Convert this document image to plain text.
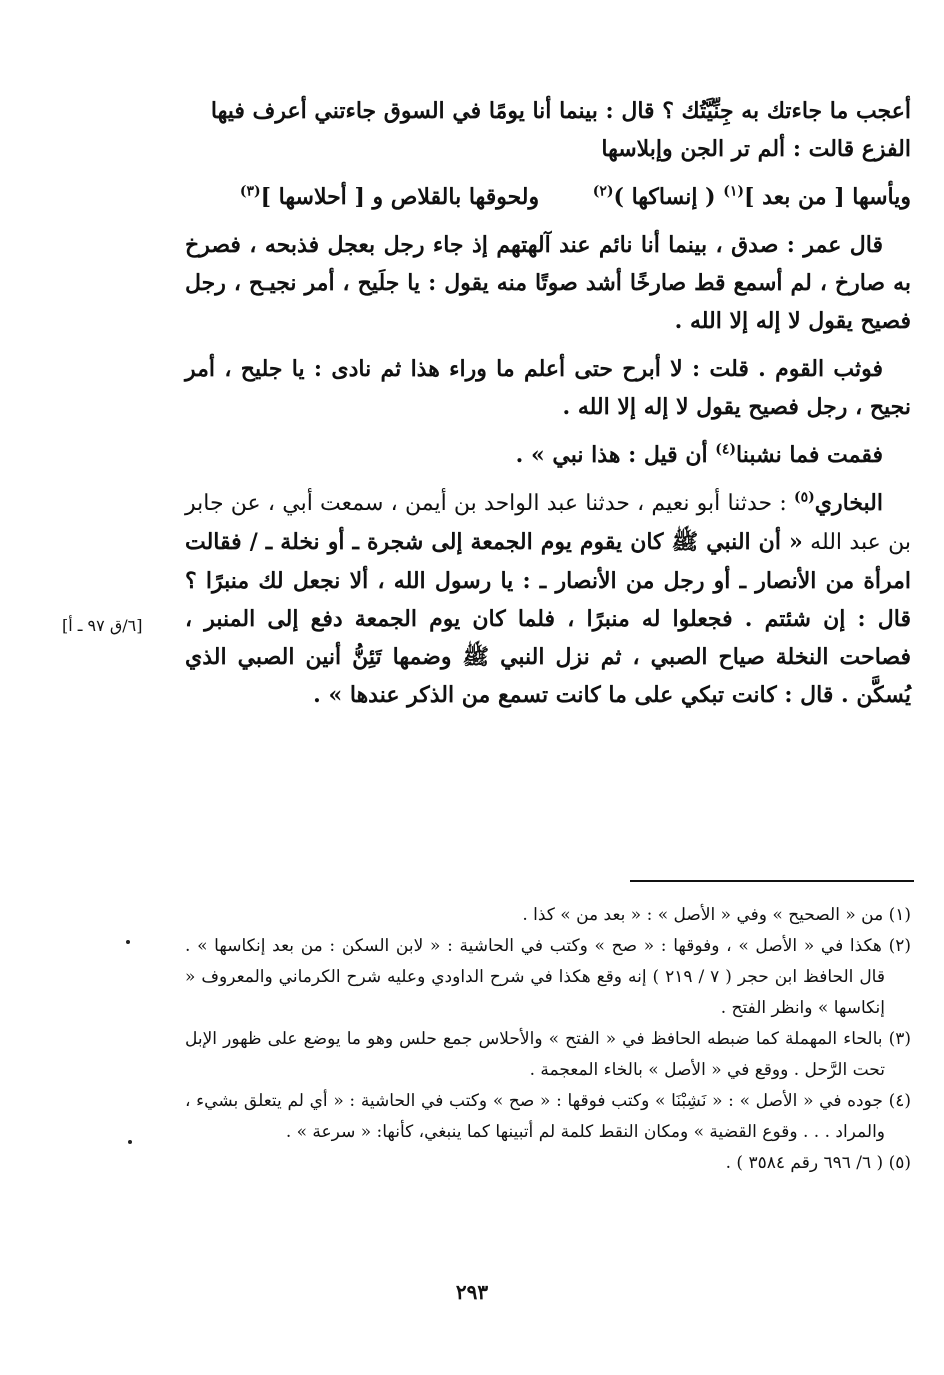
أعجب ما جاءتك به جِنِّيَّتُك ؟ قال : بينما أنا يومًا في السوق جاءتني أعرف فيها
الفزع قالت : ألم تر الجن وإبلاسها

ويأسها [ من بعد ]$^{(١)}$ ( إنساكها )$^{(٢)}$       ولحوقها بالقلاص و [ أحلاسها ]$^{(٣)}$

قال عمر : صدق ، بينما أنا نائم عند آلهتهم إذ جاء رجل بعجل فذبحه ، فصرخ به صارخ ، لم أسمع قط صارخًا أشد صوتًا منه يقول : يا جلَيح ، أمر نجيـح ، رجل فصيح يقول لا إله إلا الله .

فوثب القوم . قلت : لا أبرح حتى أعلم ما وراء هذا ثم نادى : يا جليح ، أمر نجيح ، رجل فصيح يقول لا إله إلا الله .

فقمت فما نشبنا$^{(٤)}$ أن قيل : هذا نبي » .

البخاري$^{(٥)}$ : حدثنا أبو نعيم ، حدثنا عبد الواحد بن أيمن ، سمعت أبي ، عن جابر بن عبد الله « أن النبي ﷺ كان يقوم يوم الجمعة إلى شجرة ـ أو نخلة ـ / فقالت امرأة من الأنصار ـ أو رجل من الأنصار ـ : يا رسول الله ، ألا نجعل لك منبرًا ؟ قال : إن شئتم . فجعلوا له منبرًا ، فلما كان يوم الجمعة دفع إلى المنبر ، فصاحت النخلة صياح الصبي ، ثم نزل النبي ﷺ وضمها تَئِنُّ أنين الصبي الذي يُسكَّن . قال : كانت تبكي على ما كانت تسمع من الذكر عندها » .

[٦/ق ٩٧ ـ أ]

(١) من « الصحيح » وفي « الأصل » : « بعد من » كذا .

(٢) هكذا في « الأصل » ، وفوقها : « صح » وكتب في الحاشية : « لابن السكن : من بعد إنكاسها » . قال الحافظ ابن حجر ( ٧ / ٢١٩ ) إنه وقع هكذا في شرح الداودي وعليه شرح الكرماني والمعروف « إنكاسها » وانظر الفتح .

(٣) بالحاء المهملة كما ضبطه الحافظ في « الفتح » والأحلاس جمع حلس وهو ما يوضع على ظهور الإبل تحت الرَّحل . ووقع في « الأصل » بالخاء المعجمة .

(٤) جوده في « الأصل » : « نَشِبْنَا » وكتب فوقها : « صح » وكتب في الحاشية : « أي لم يتعلق بشيء ، والمراد . . . وقوع القضية » ومكان النقط كلمة لم أتبينها كما ينبغي، كأنها: « سرعة » .

(٥) ( ٦/ ٦٩٦ رقم ٣٥٨٤ ) .

٢٩٣
